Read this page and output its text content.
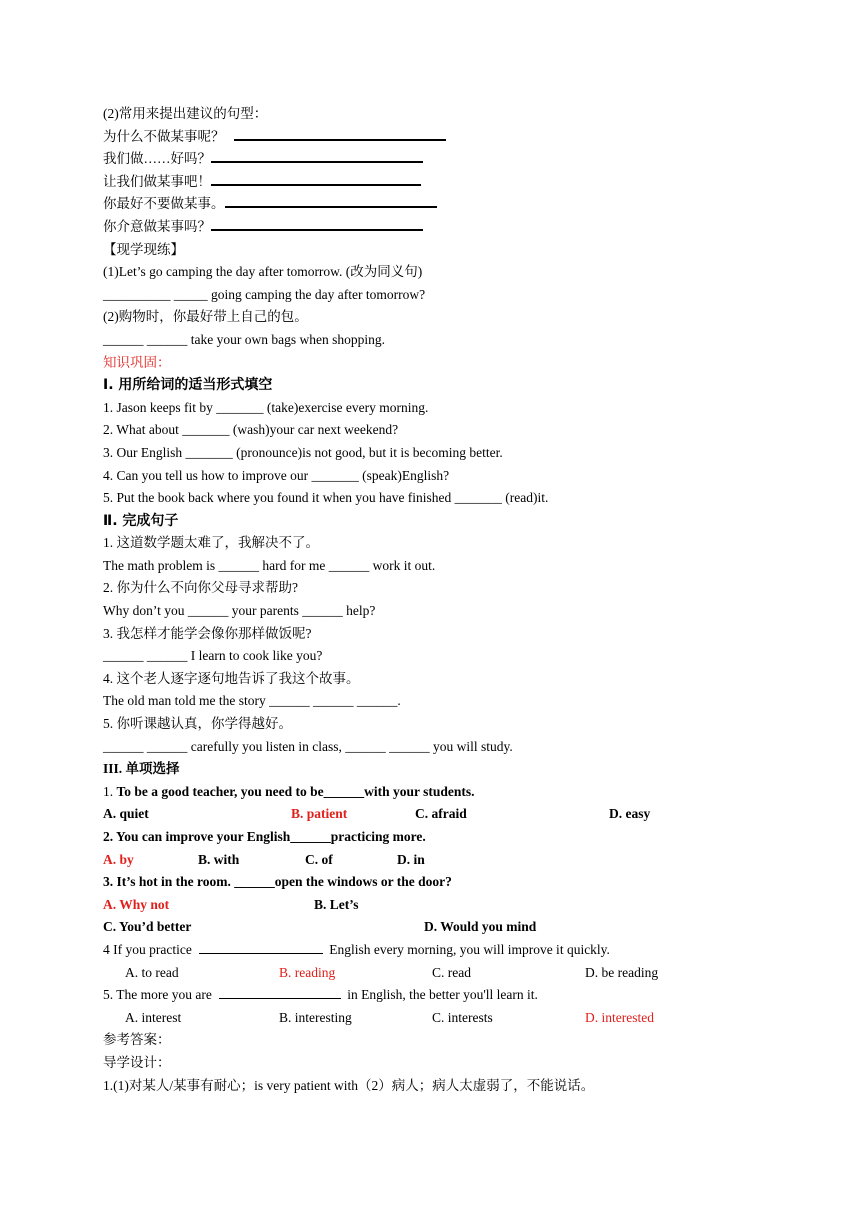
(2)常用来提出建议的句型：
为什么不做某事呢？
我们做……好吗？
让我们做某事吧！
你最好不要做某事。
你介意做某事吗？
【现学现练】
(1)Let’s go camping the day after tomorrow. (改为同义句)
__________ _____ going camping the day after tomorrow?
(2)购物时，你最好带上自己的包。
______ ______ take your own bags when shopping.
知识巩固：
Ⅰ. 用所给词的适当形式填空
1. Jason keeps fit by _______ (take)exercise every morning.
2. What about _______ (wash)your car next weekend?
3. Our English _______ (pronounce)is not good, but it is becoming better.
4. Can you tell us how to improve our _______ (speak)English?
5. Put the book back where you found it when you have finished _______ (read)it.
Ⅱ. 完成句子
1. 这道数学题太难了，我解决不了。
The math problem is ______ hard for me ______ work it out.
2. 你为什么不向你父母寻求帮助?
Why don’t you ______ your parents ______ help?
3. 我怎样才能学会像你那样做饭呢?
______ ______ I learn to cook like you?
4. 这个老人逐字逐句地告诉了我这个故事。
The old man told me the story ______ ______ ______.
5. 你听课越认真，你学得越好。
______ ______ carefully you listen in class, ______ ______ you will study.
III. 单项选择
1. To be a good teacher, you need to be______with your students.
A. quiet	B. patient	C. afraid	D. easy
2. You can improve your English______practicing more.
A. by	B. with	C. of	D. in
3. It’s hot in the room. ______open the windows or the door?
A. Why not	B. Let’s
C. You’d better	D. Would you mind
4 If you practice	English every morning, you will improve it quickly.
A. to read	B. reading	C. read	D. be reading
5. The more you are	in English, the better you'll learn it.
A. interest	B. interesting	C. interests	D. interested
参考答案：
导学设计：
1.(1)对某人/某事有耐心；is very patient with（2）病人；病人太虚弱了，不能说话。
